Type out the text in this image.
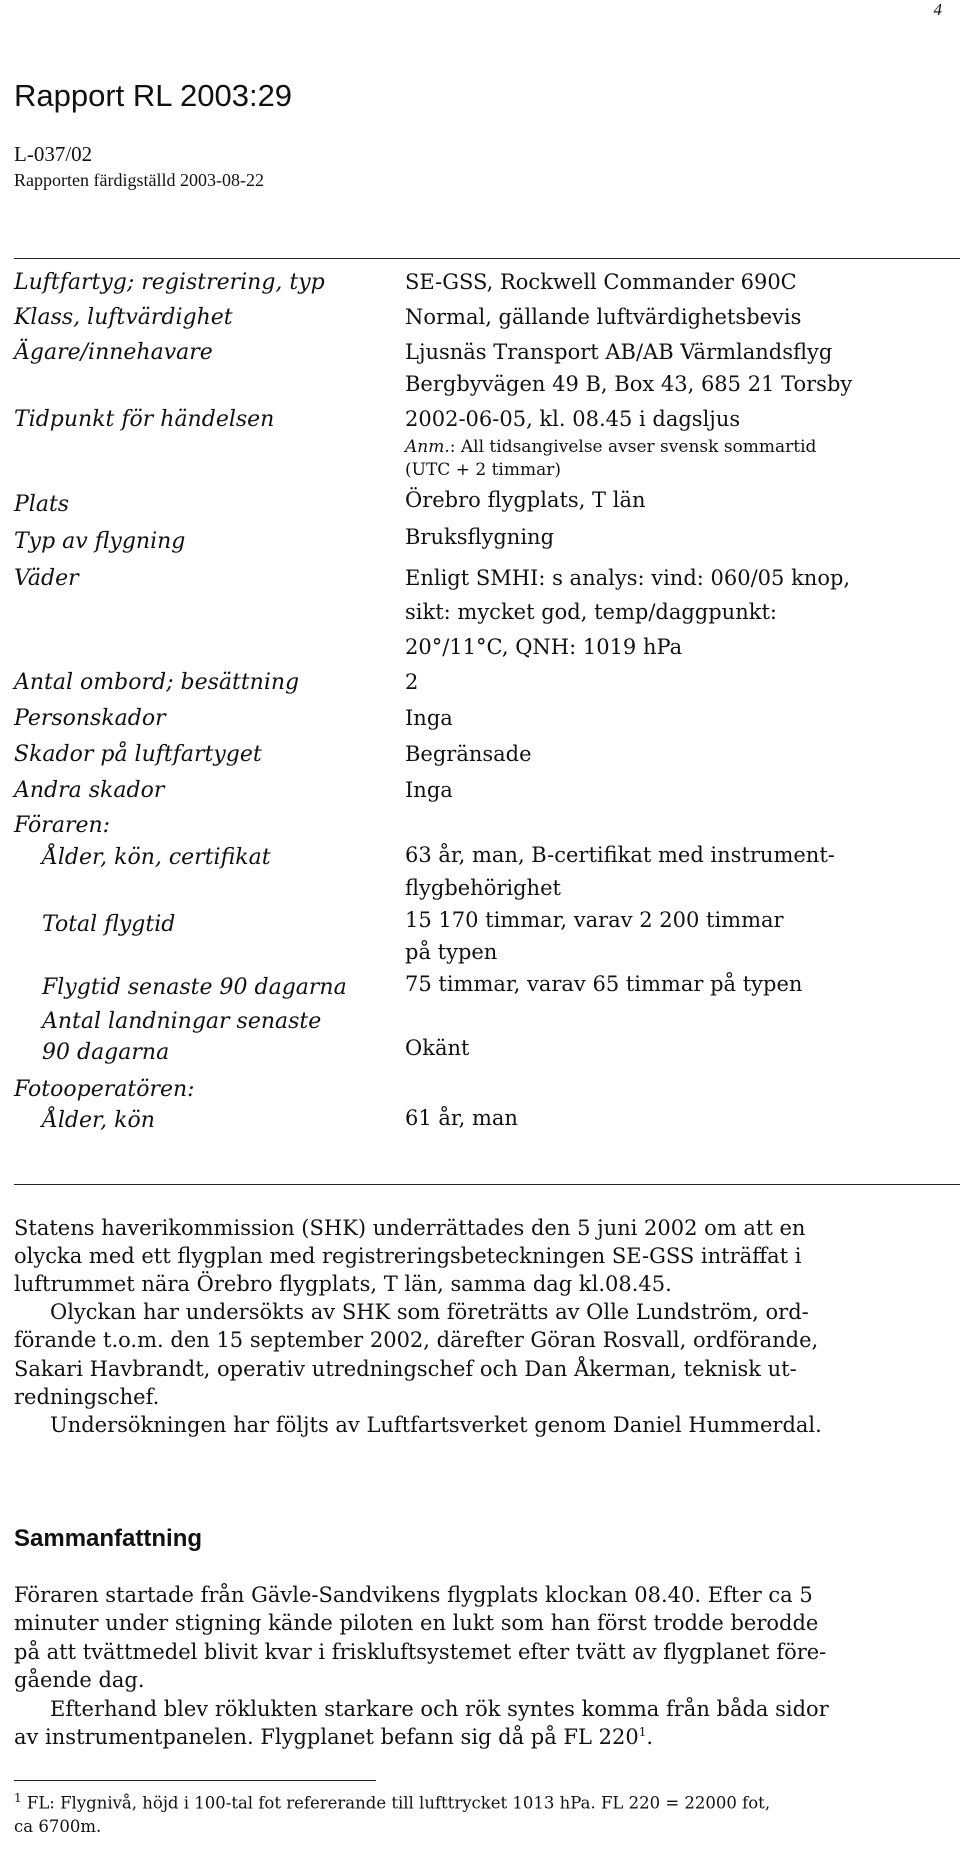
4
Rapport RL 2003:29
L-037/02
Rapporten färdigställd 2003-08-22
Luftfartyg; registrering, typ	SE-GSS, Rockwell Commander 690C
Klass, luftvärdighet	Normal, gällande luftvärdighetsbevis
Ägare/innehavare	Ljusnäs Transport AB/AB Värmlandsflyg
Bergbyvägen 49 B, Box 43, 685 21 Torsby
Tidpunkt för händelsen	2002-06-05, kl. 08.45 i dagsljus
Anm.: All tidsangivelse avser svensk sommartid
(UTC + 2 timmar)
Plats	Örebro flygplats, T län
Typ av flygning	Bruksflygning
Väder	Enligt SMHI: s analys: vind: 060/05 knop,
sikt: mycket god, temp/daggpunkt:
20°/11°C, QNH: 1019 hPa
Antal ombord; besättning	2
Personskador	Inga
Skador på luftfartyget	Begränsade
Andra skador	Inga
Föraren:
Ålder, kön, certifikat	63 år, man, B-certifikat med instrument-
flygbehörighet
Total flygtid	15 170 timmar, varav 2 200 timmar
på typen
Flygtid senaste 90 dagarna	75 timmar, varav 65 timmar på typen
Antal landningar senaste
90 dagarna	Okänt
Fotooperatören:
Ålder, kön	61 år, man
Statens haverikommission (SHK) underrättades den 5 juni 2002 om att en
olycka med ett flygplan med registreringsbeteckningen SE-GSS inträffat i
luftrummet nära Örebro flygplats, T län, samma dag kl.08.45.
Olyckan har undersökts av SHK som företrätts av Olle Lundström, ord-
förande t.o.m. den 15 september 2002, därefter Göran Rosvall, ordförande,
Sakari Havbrandt, operativ utredningschef och Dan Åkerman, teknisk ut-
redningschef.
Undersökningen har följts av Luftfartsverket genom Daniel Hummerdal.
Sammanfattning
Föraren startade från Gävle-Sandvikens flygplats klockan 08.40. Efter ca 5
minuter under stigning kände piloten en lukt som han först trodde berodde
på att tvättmedel blivit kvar i friskluftsystemet efter tvätt av flygplanet före-
gående dag.
Efterhand blev röklukten starkare och rök syntes komma från båda sidor
av instrumentpanelen. Flygplanet befann sig då på FL $220^1$.
$^1$ FL: Flygnivå, höjd i 100-tal fot refererande till lufttrycket 1013 hPa. FL 220 = 22000 fot,
ca 6700m.
